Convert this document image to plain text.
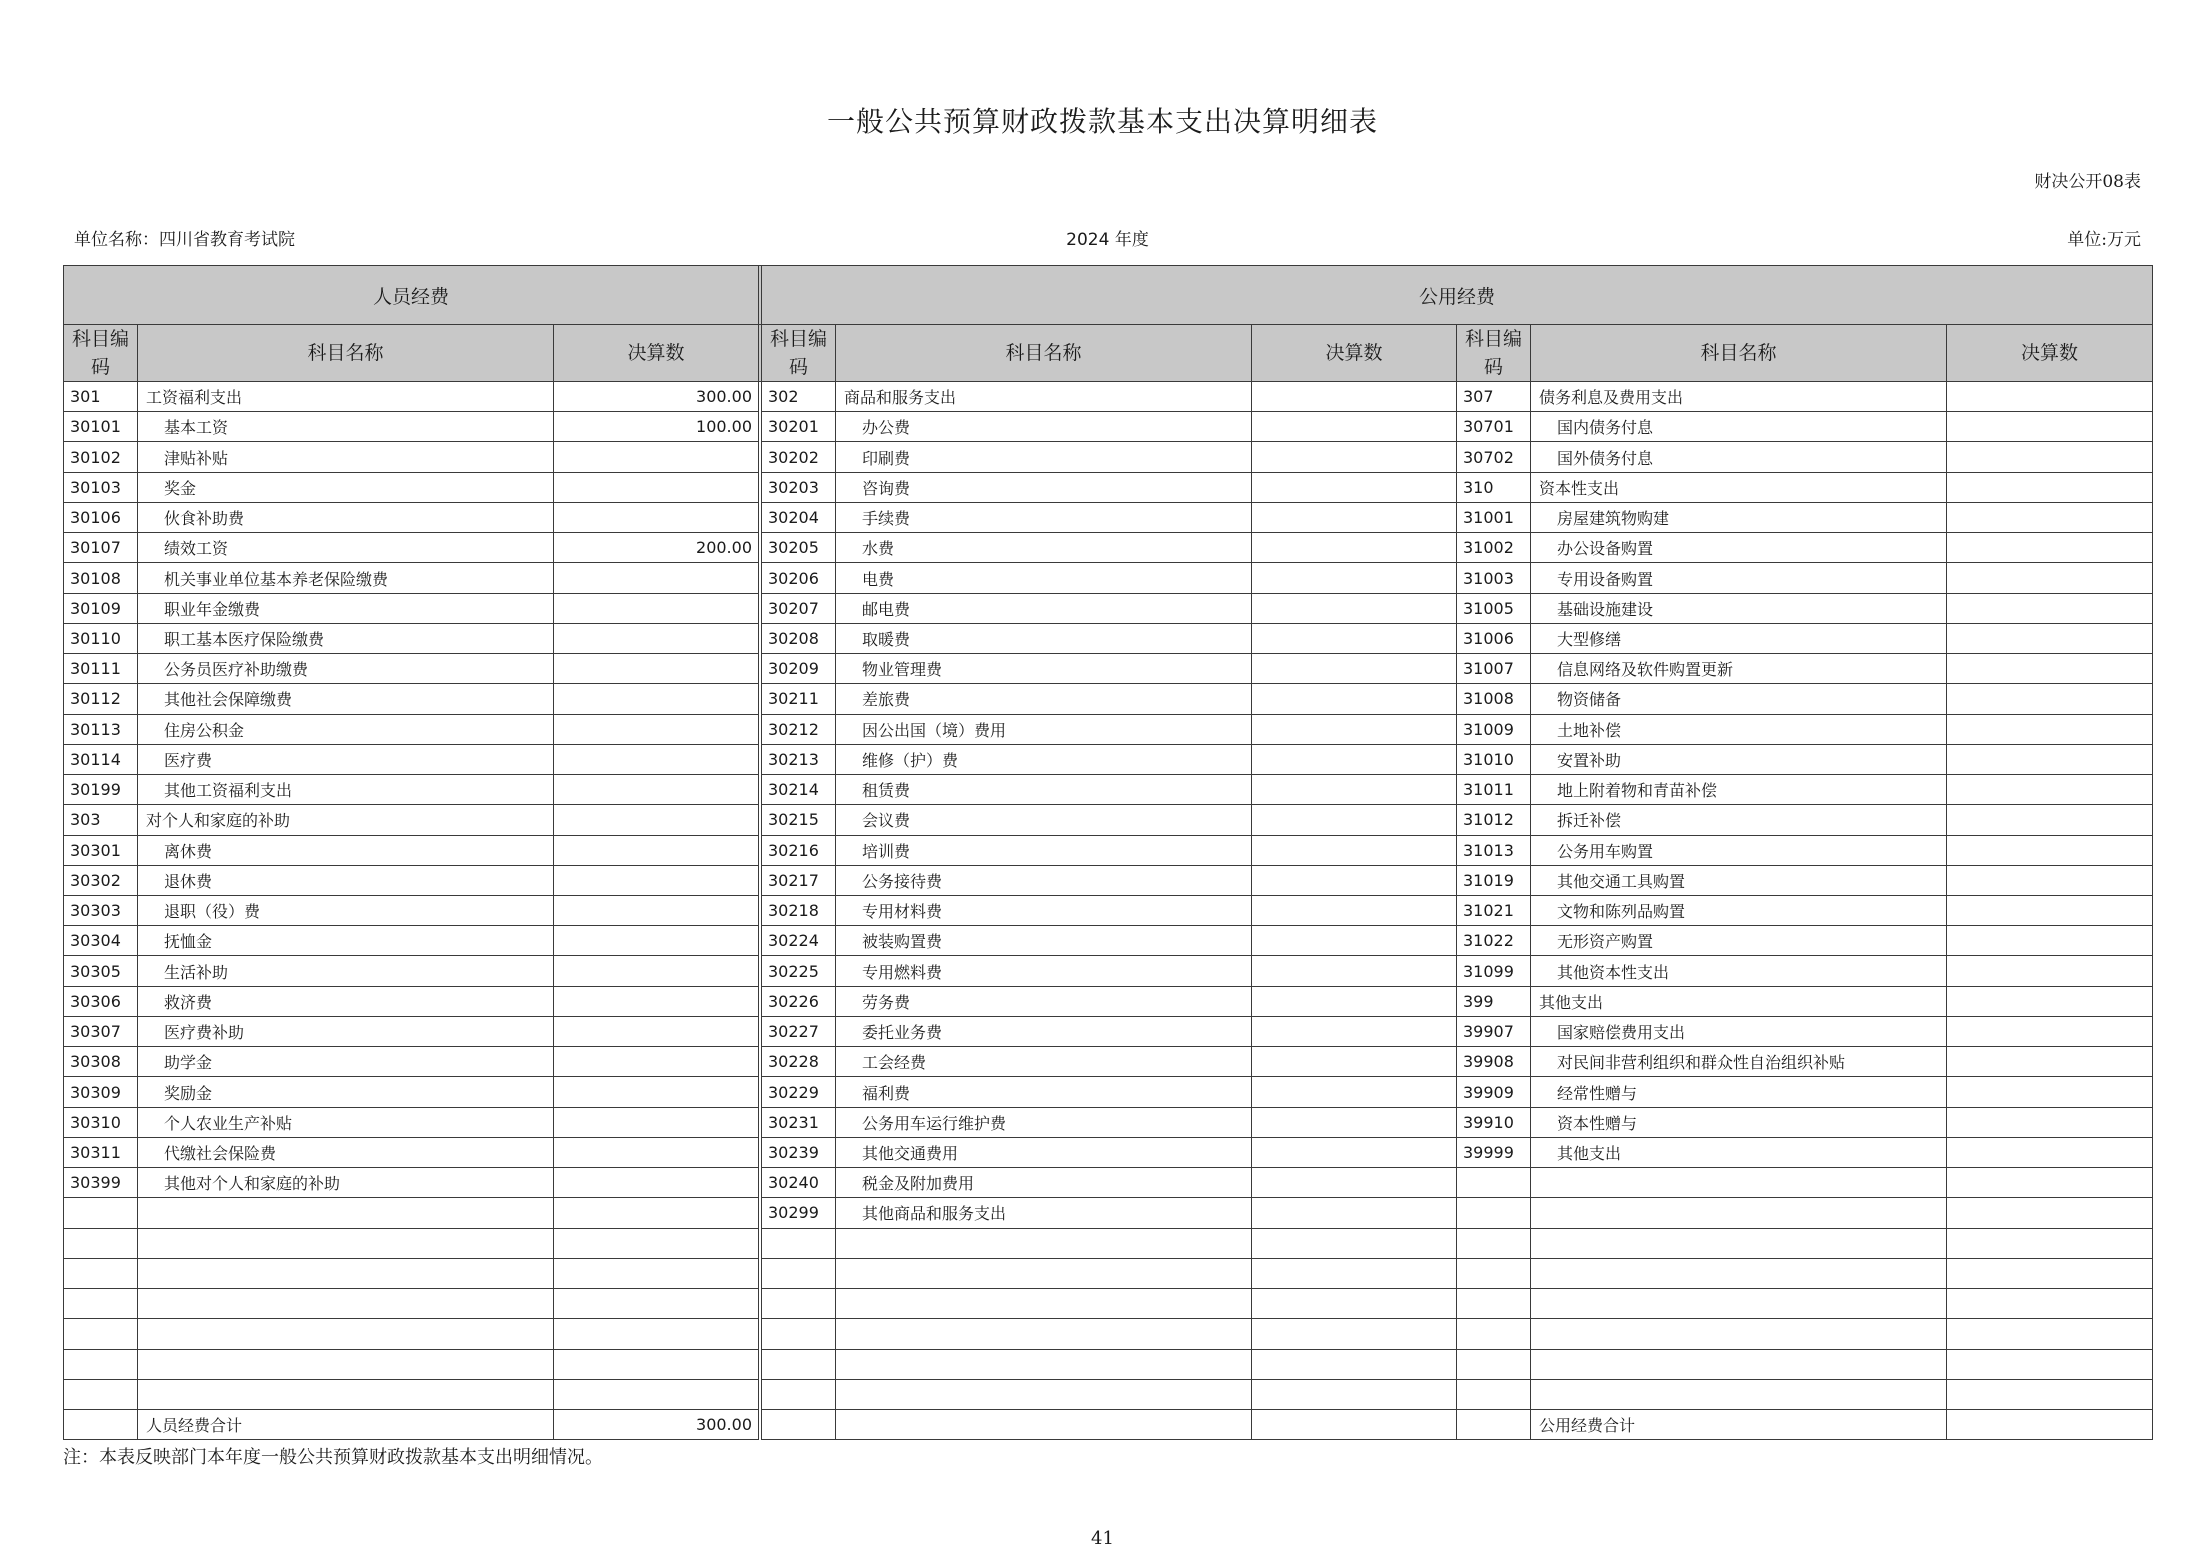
一般公共预算财政拨款基本支出决算明细表
财决公开08表
单位名称：四川省教育考试院	2024 年度	单位:万元
人员经费				公用经费					
科目编码	科目名称	决算数		科目编码	科目名称	决算数	科目编码	科目名称	决算数
301	工资福利支出	300.00		302	商品和服务支出		307	债务利息及费用支出	
30101	基本工资	100.00		30201	办公费		30701	国内债务付息	
30102	津贴补贴			30202	印刷费		30702	国外债务付息	
30103	奖金			30203	咨询费		310	资本性支出	
30106	伙食补助费			30204	手续费		31001	房屋建筑物购建	
30107	绩效工资	200.00		30205	水费		31002	办公设备购置	
30108	机关事业单位基本养老保险缴费			30206	电费		31003	专用设备购置	
30109	职业年金缴费			30207	邮电费		31005	基础设施建设	
30110	职工基本医疗保险缴费			30208	取暖费		31006	大型修缮	
30111	公务员医疗补助缴费			30209	物业管理费		31007	信息网络及软件购置更新	
30112	其他社会保障缴费			30211	差旅费		31008	物资储备	
30113	住房公积金			30212	因公出国（境）费用		31009	土地补偿	
30114	医疗费			30213	维修（护）费		31010	安置补助	
30199	其他工资福利支出			30214	租赁费		31011	地上附着物和青苗补偿	
303	对个人和家庭的补助			30215	会议费		31012	拆迁补偿	
30301	离休费			30216	培训费		31013	公务用车购置	
30302	退休费			30217	公务接待费		31019	其他交通工具购置	
30303	退职（役）费			30218	专用材料费		31021	文物和陈列品购置	
30304	抚恤金			30224	被装购置费		31022	无形资产购置	
30305	生活补助			30225	专用燃料费		31099	其他资本性支出	
30306	救济费			30226	劳务费		399	其他支出	
30307	医疗费补助			30227	委托业务费		39907	国家赔偿费用支出	
30308	助学金			30228	工会经费		39908	对民间非营利组织和群众性自治组织补贴	
30309	奖励金			30229	福利费		39909	经常性赠与	
30310	个人农业生产补贴			30231	公务用车运行维护费		39910	资本性赠与	
30311	代缴社会保险费			30239	其他交通费用		39999	其他支出	
30399	其他对个人和家庭的补助			30240	税金及附加费用				
				30299	其他商品和服务支出				

	人员经费合计	300.00						公用经费合计	
注：本表反映部门本年度一般公共预算财政拨款基本支出明细情况。
41
